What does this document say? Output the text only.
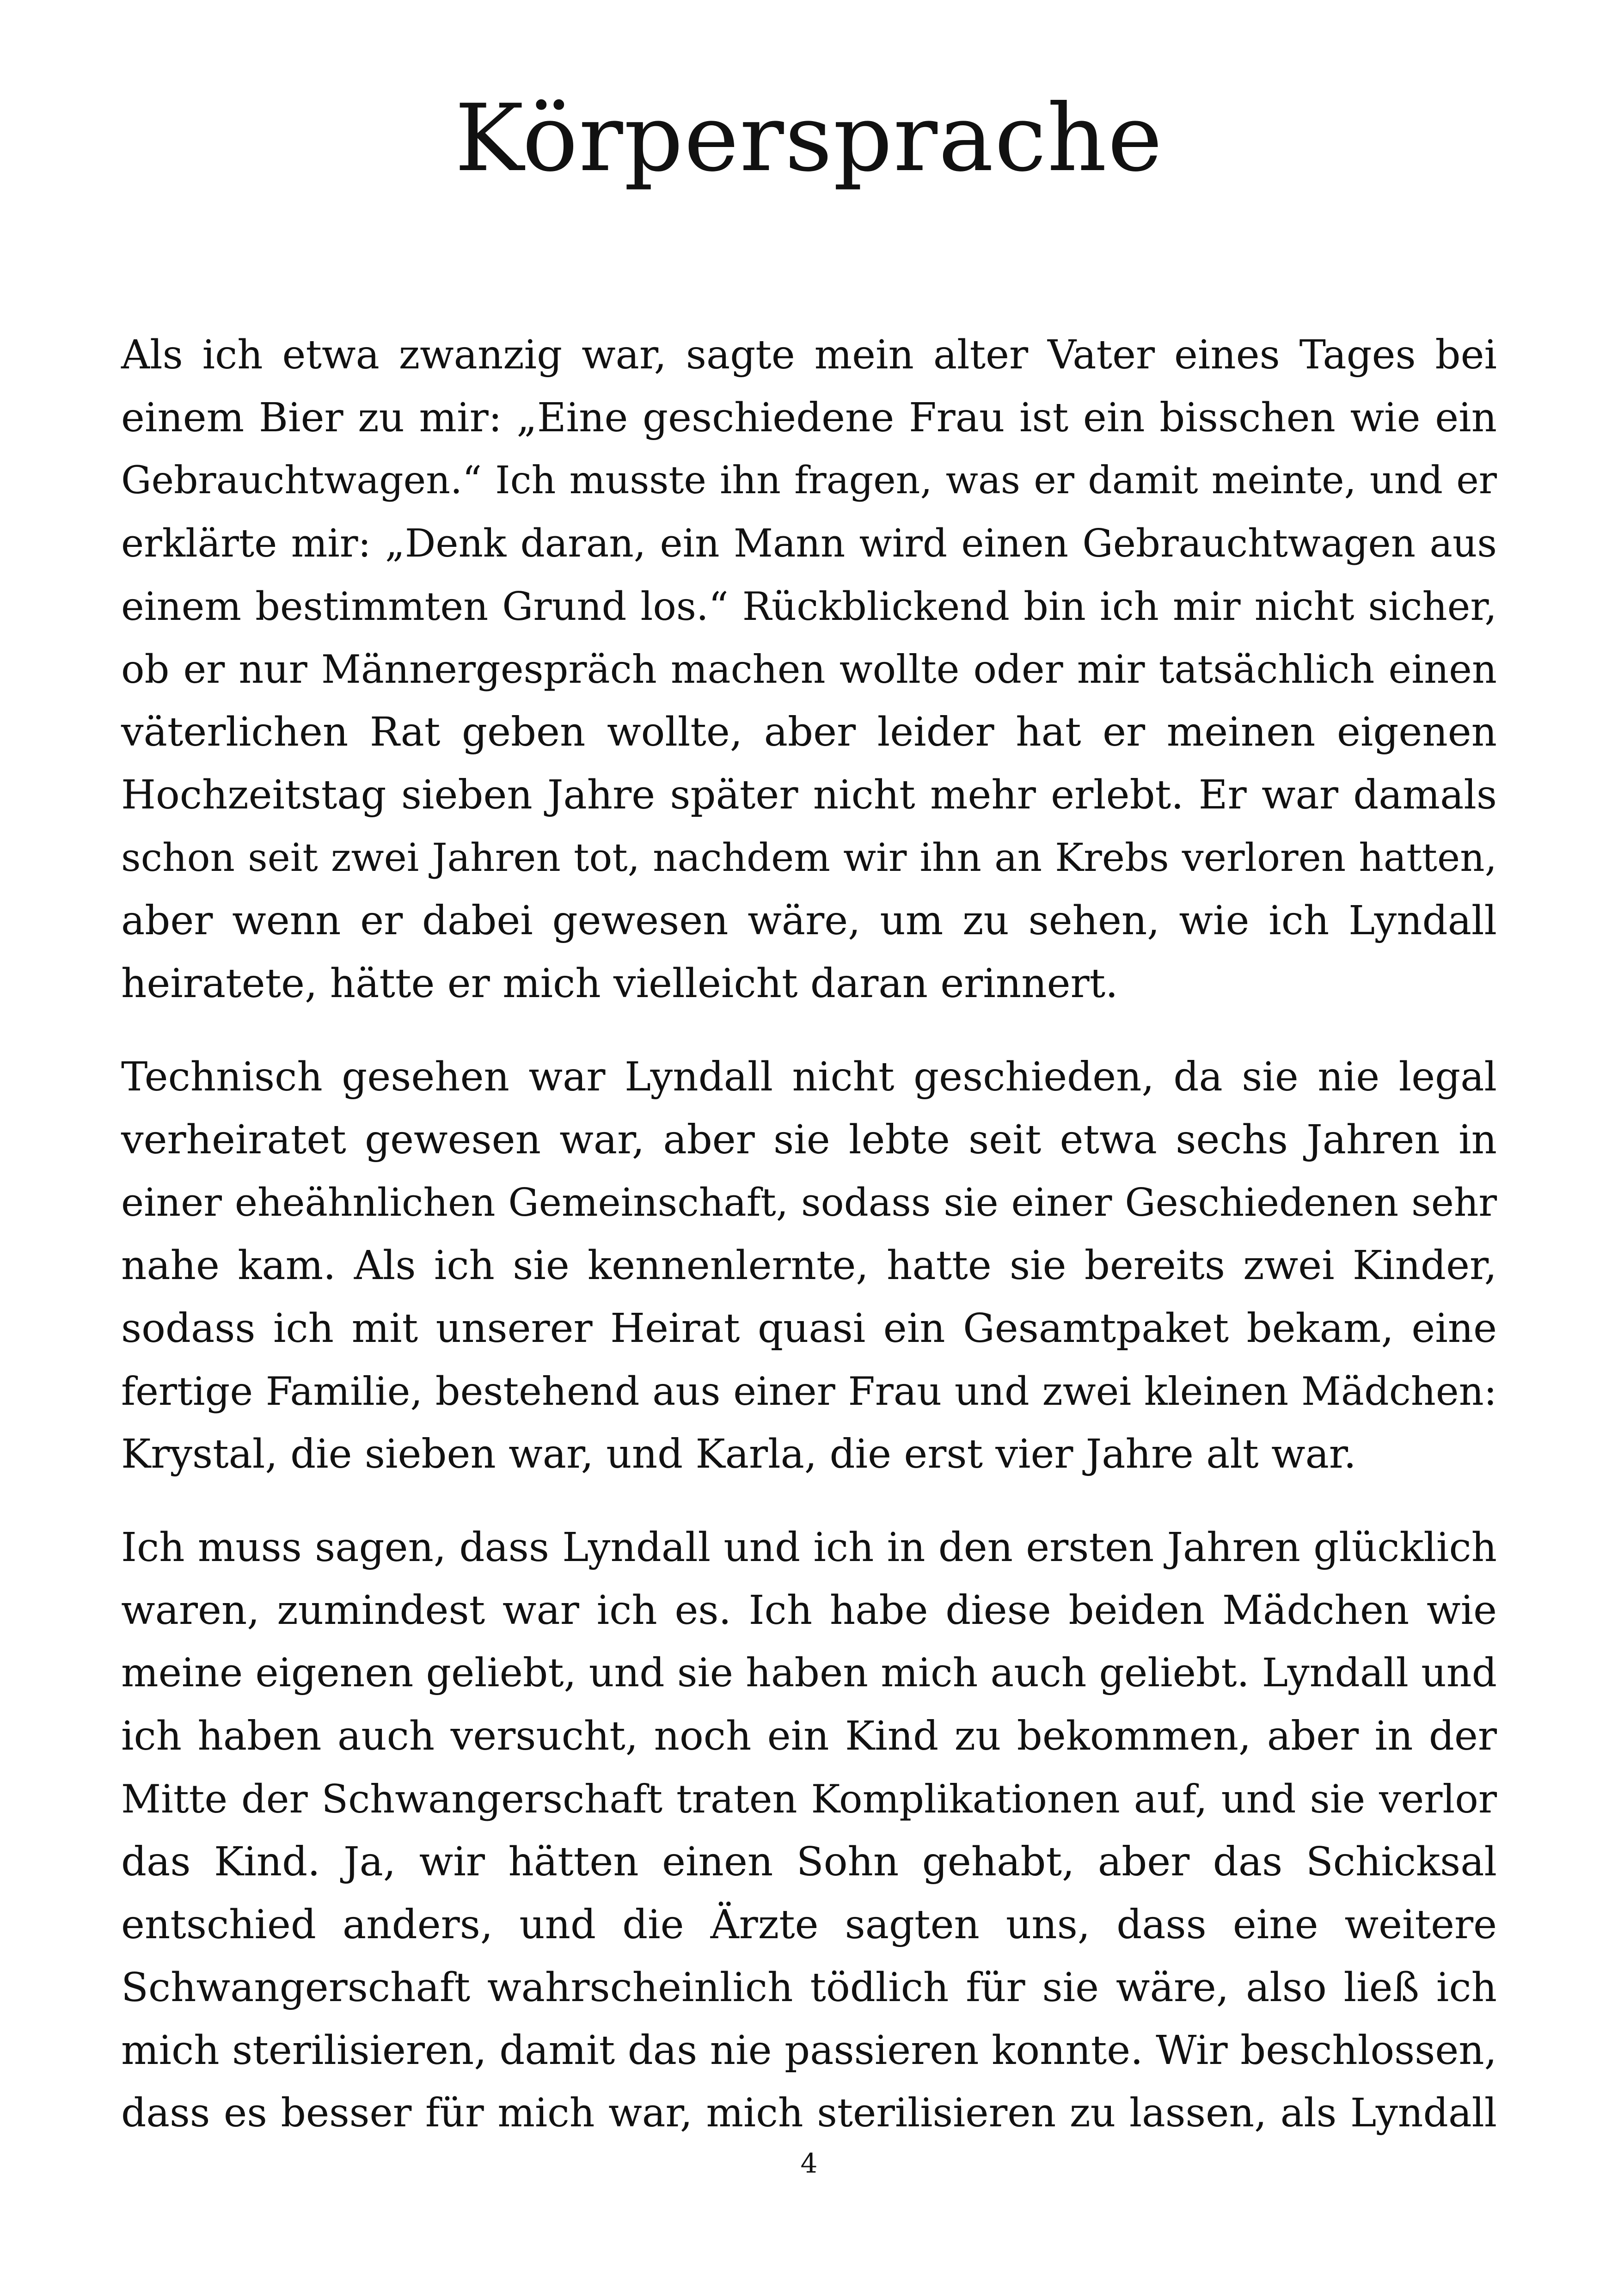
Körpersprache
Als ich etwa zwanzig war, sagte mein alter Vater eines Tages bei
einem Bier zu mir: „Eine geschiedene Frau ist ein bisschen wie ein
Gebrauchtwagen.“ Ich musste ihn fragen, was er damit meinte, und er
erklärte mir: „Denk daran, ein Mann wird einen Gebrauchtwagen aus
einem bestimmten Grund los.“ Rückblickend bin ich mir nicht sicher,
ob er nur Männergespräch machen wollte oder mir tatsächlich einen
väterlichen Rat geben wollte, aber leider hat er meinen eigenen
Hochzeitstag sieben Jahre später nicht mehr erlebt. Er war damals
schon seit zwei Jahren tot, nachdem wir ihn an Krebs verloren hatten,
aber wenn er dabei gewesen wäre, um zu sehen, wie ich Lyndall
heiratete, hätte er mich vielleicht daran erinnert.
Technisch gesehen war Lyndall nicht geschieden, da sie nie legal
verheiratet gewesen war, aber sie lebte seit etwa sechs Jahren in
einer eheähnlichen Gemeinschaft, sodass sie einer Geschiedenen sehr
nahe kam. Als ich sie kennenlernte, hatte sie bereits zwei Kinder,
sodass ich mit unserer Heirat quasi ein Gesamtpaket bekam, eine
fertige Familie, bestehend aus einer Frau und zwei kleinen Mädchen:
Krystal, die sieben war, und Karla, die erst vier Jahre alt war.
Ich muss sagen, dass Lyndall und ich in den ersten Jahren glücklich
waren, zumindest war ich es. Ich habe diese beiden Mädchen wie
meine eigenen geliebt, und sie haben mich auch geliebt. Lyndall und
ich haben auch versucht, noch ein Kind zu bekommen, aber in der
Mitte der Schwangerschaft traten Komplikationen auf, und sie verlor
das Kind. Ja, wir hätten einen Sohn gehabt, aber das Schicksal
entschied anders, und die Ärzte sagten uns, dass eine weitere
Schwangerschaft wahrscheinlich tödlich für sie wäre, also ließ ich
mich sterilisieren, damit das nie passieren konnte. Wir beschlossen,
dass es besser für mich war, mich sterilisieren zu lassen, als Lyndall
4
